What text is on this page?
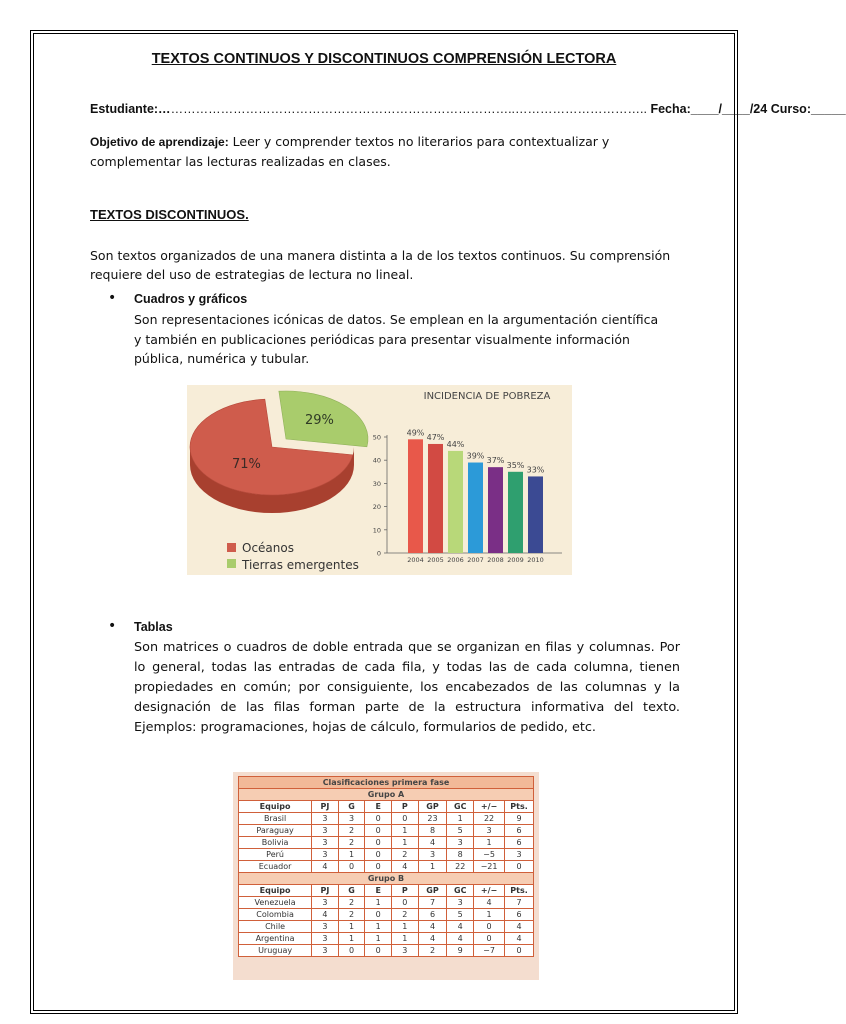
TEXTOS CONTINUOS Y DISCONTINUOS COMPRENSIÓN LECTORA
Estudiante:…………………………………………………………………………..………………………….. Fecha:____/____/24 Curso:_____
Objetivo de aprendizaje: Leer y comprender textos no literarios para contextualizar y complementar las lecturas realizadas en clases.
TEXTOS DISCONTINUOS.
Son textos organizados de una manera distinta a la de los textos continuos. Su comprensión requiere del uso de estrategias de lectura no lineal.
• Cuadros y gráficos
Son representaciones icónicas de datos. Se emplean en la argumentación científica y también en publicaciones periódicas para presentar visualmente información pública, numérica y tubular.
71%
29%
Océanos
Tierras emergentes
INCIDENCIA DE POBREZA
0
10
20
30
40
50
49%
2004
47%
2005
44%
2006
39%
2007
37%
2008
35%
2009
33%
2010
• Tablas
Son matrices o cuadros de doble entrada que se organizan en filas y columnas. Por lo general, todas las entradas de cada fila, y todas las de cada columna, tienen propiedades en común; por consiguiente, los encabezados de las columnas y la designación de las filas forman parte de la estructura informativa del texto. Ejemplos: programaciones, hojas de cálculo, formularios de pedido, etc.
Clasificaciones primera fase								
Grupo A								
Equipo	PJ	G	E	P	GP	GC	+/−	Pts.
Brasil	3	3	0	0	23	1	22	9
Paraguay	3	2	0	1	8	5	3	6
Bolivia	3	2	0	1	4	3	1	6
Perú	3	1	0	2	3	8	−5	3
Ecuador	4	0	0	4	1	22	−21	0
Grupo B								
Equipo	PJ	G	E	P	GP	GC	+/−	Pts.
Venezuela	3	2	1	0	7	3	4	7
Colombia	4	2	0	2	6	5	1	6
Chile	3	1	1	1	4	4	0	4
Argentina	3	1	1	1	4	4	0	4
Uruguay	3	0	0	3	2	9	−7	0
